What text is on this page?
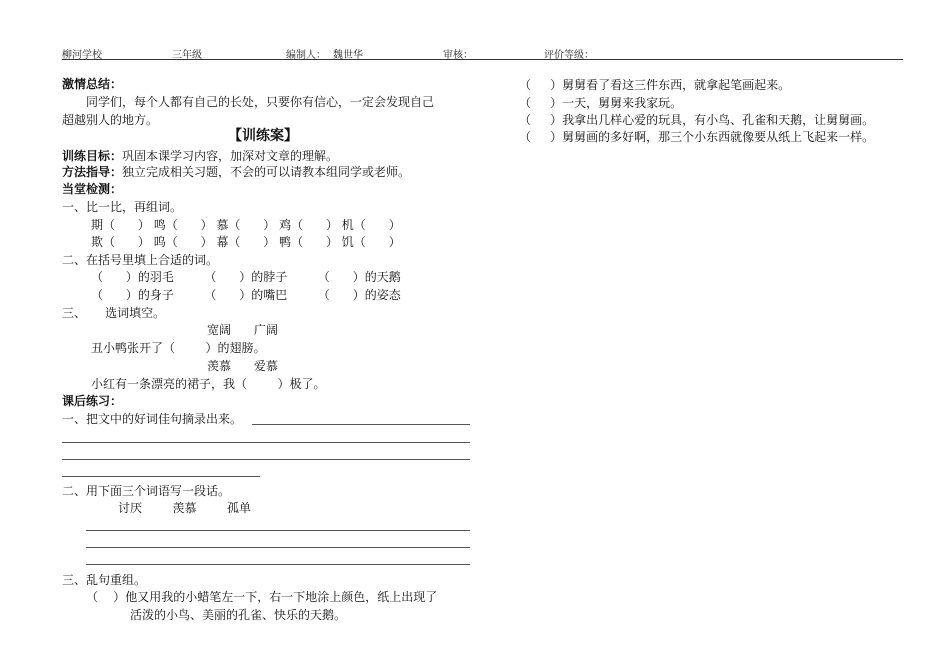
柳河学校	三年级	编制人： 魏世华	审核：	评价等级：
激情总结：
同学们，每个人都有自己的长处，只要你有信心，一定会发现自己
超越别人的地方。
【训练案】
训练目标：巩固本课学习内容，加深对文章的理解。
方法指导：独立完成相关习题，不会的可以请教本组同学或老师。
当堂检测：
一、比一比，再组词。
期（      ） 鸣（      ） 慕（      ） 鸡（      ） 机（      ）
欺（      ） 呜（      ） 幕（      ） 鸭（      ） 饥（      ）
二、在括号里填上合适的词。
（      ）的羽毛        （      ）的脖子        （      ）的天鹅
（      ）的身子        （      ）的嘴巴        （      ）的姿态
三、     选词填空。
宽阔      广阔
丑小鸭张开了（        ）的翅膀。
羡慕      爱慕
小红有一条漂亮的裙子，我（        ）极了。
课后练习：
一、把文中的好词佳句摘录出来。
二、用下面三个词语写一段话。
讨厌        羡慕        孤单
三、乱句重组。
（    ）他又用我的小蜡笔左一下，右一下地涂上颜色，纸上出现了
活泼的小鸟、美丽的孔雀、快乐的天鹅。
（     ）舅舅看了看这三件东西，就拿起笔画起来。
（     ）一天，舅舅来我家玩。
（     ）我拿出几样心爱的玩具，有小鸟、孔雀和天鹅，让舅舅画。
（     ）舅舅画的多好啊，那三个小东西就像要从纸上飞起来一样。
